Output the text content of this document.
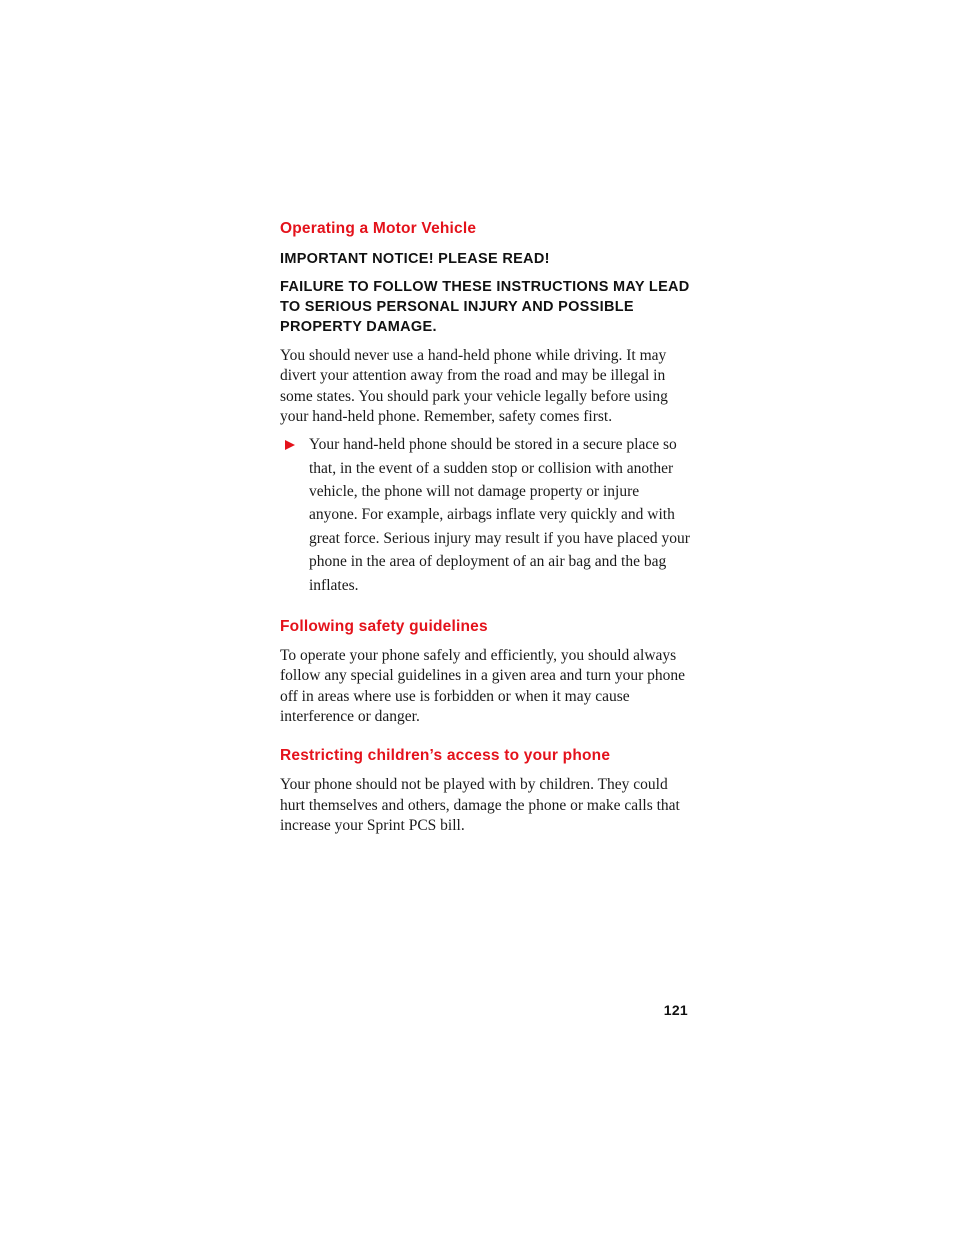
Operating a Motor Vehicle

IMPORTANT NOTICE! PLEASE READ!

FAILURE TO FOLLOW THESE INSTRUCTIONS MAY LEAD TO SERIOUS PERSONAL INJURY AND POSSIBLE PROPERTY DAMAGE.

You should never use a hand-held phone while driving. It may divert your attention away from the road and may be illegal in some states. You should park your vehicle legally before using your hand-held phone. Remember, safety comes first.

Your hand-held phone should be stored in a secure place so that, in the event of a sudden stop or collision with another vehicle, the phone will not damage property or injure anyone. For example, airbags inflate very quickly and with great force. Serious injury may result if you have placed your phone in the area of deployment of an air bag and the bag inflates.
Following safety guidelines

To operate your phone safely and efficiently, you should always follow any special guidelines in a given area and turn your phone off in areas where use is forbidden or when it may cause interference or danger.

Restricting children’s access to your phone

Your phone should not be played with by children. They could hurt themselves and others, damage the phone or make calls that increase your Sprint PCS bill.

121
